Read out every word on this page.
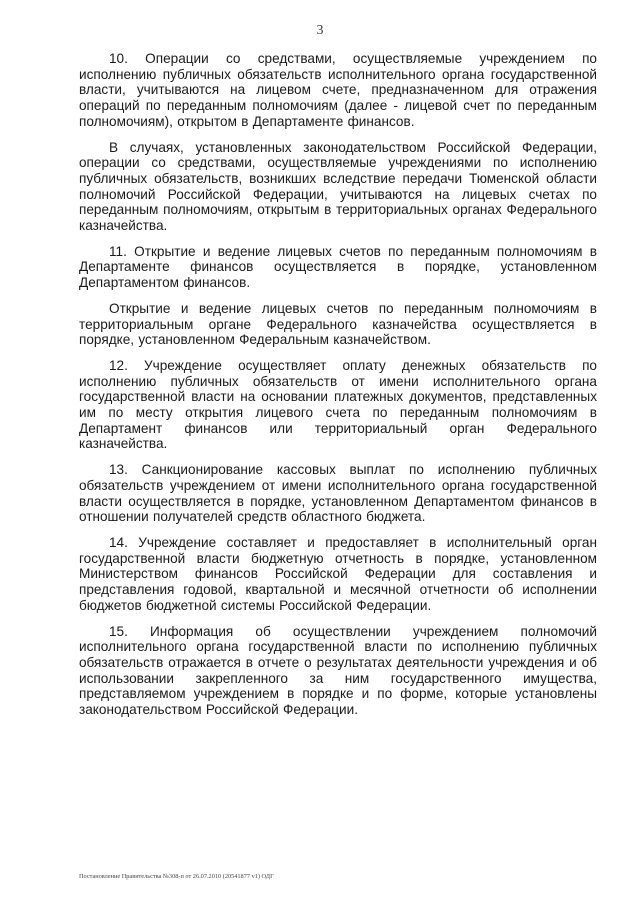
3

10. Операции со средствами, осуществляемые учреждением по исполнению публичных обязательств исполнительного органа государственной власти, учитываются на лицевом счете, предназначенном для отражения операций по переданным полномочиям (далее - лицевой счет по переданным полномочиям), открытом в Департаменте финансов.

В случаях, установленных законодательством Российской Федерации, операции со средствами, осуществляемые учреждениями по исполнению публичных обязательств, возникших вследствие передачи Тюменской области полномочий Российской Федерации, учитываются на лицевых счетах по переданным полномочиям, открытым в территориальных органах Федерального казначейства.

11. Открытие и ведение лицевых счетов по переданным полномочиям в Департаменте финансов осуществляется в порядке, установленном Департаментом финансов.

Открытие и ведение лицевых счетов по переданным полномочиям в территориальным органе Федерального казначейства осуществляется в порядке, установленном Федеральным казначейством.

12. Учреждение осуществляет оплату денежных обязательств по исполнению публичных обязательств от имени исполнительного органа государственной власти на основании платежных документов, представленных им по месту открытия лицевого счета по переданным полномочиям в Департамент финансов или территориальный орган Федерального казначейства.

13. Санкционирование кассовых выплат по исполнению публичных обязательств учреждением от имени исполнительного органа государственной власти осуществляется в порядке, установленном Департаментом финансов в отношении получателей средств областного бюджета.

14. Учреждение составляет и предоставляет в исполнительный орган государственной власти бюджетную отчетность в порядке, установленном Министерством финансов Российской Федерации для составления и представления годовой, квартальной и месячной отчетности об исполнении бюджетов бюджетной системы Российской Федерации.

15. Информация об осуществлении учреждением полномочий исполнительного органа государственной власти по исполнению публичных обязательств отражается в отчете о результатах деятельности учреждения и об использовании закрепленного за ним государственного имущества, представляемом учреждением в порядке и по форме, которые установлены законодательством Российской Федерации.

Постановление Правительства №308-п от 26.07.2010 (20541877 v1) ОДГ
